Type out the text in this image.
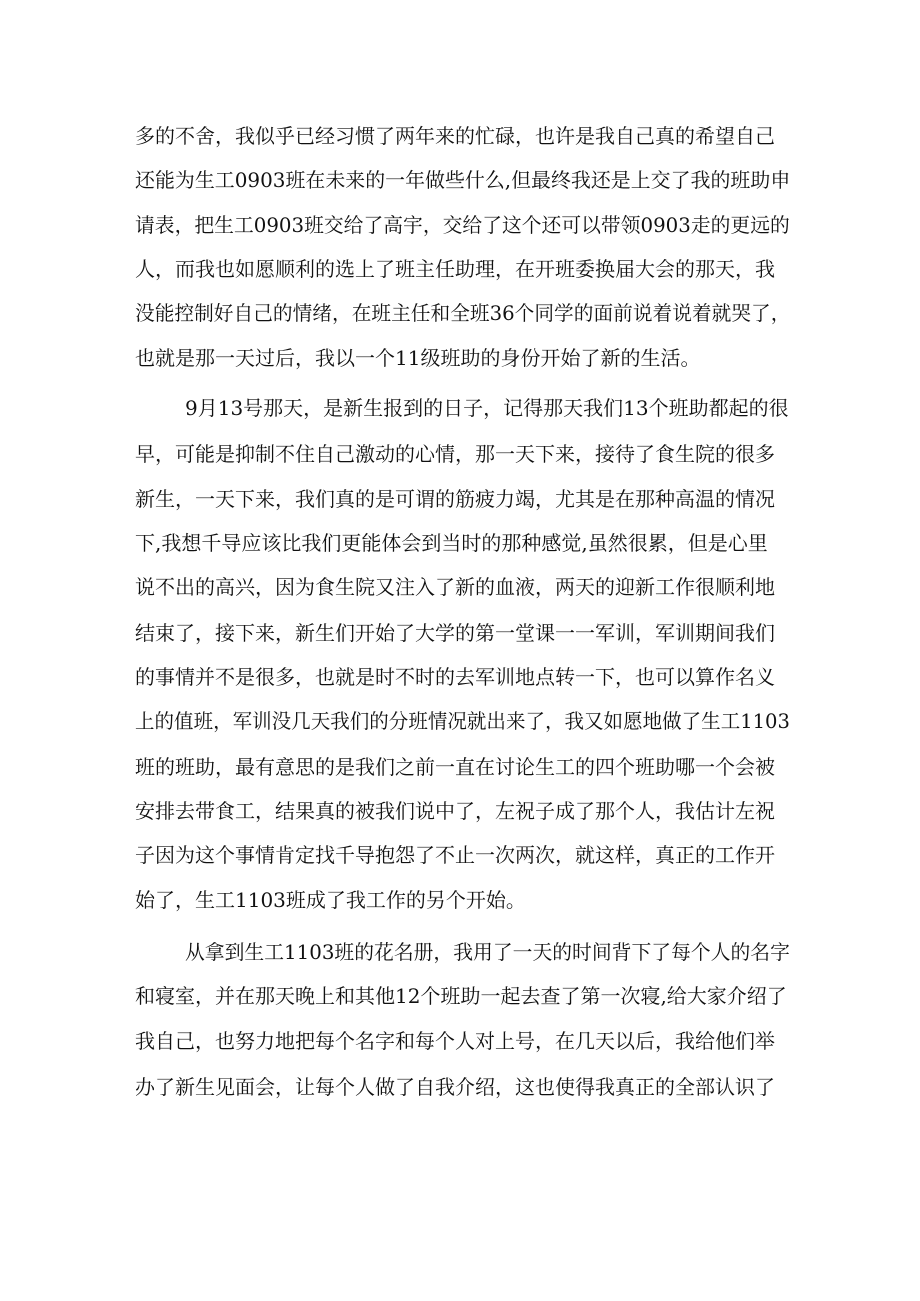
多的不舍，我似乎已经习惯了两年来的忙碌，也许是我自己真的希望自己
还能为生工0903班在未来的一年做些什么,但最终我还是上交了我的班助申
请表，把生工0903班交给了高宇，交给了这个还可以带领0903走的更远的
人，而我也如愿顺利的选上了班主任助理，在开班委换届大会的那天，我
没能控制好自己的情绪，在班主任和全班36个同学的面前说着说着就哭了，
也就是那一天过后，我以一个11级班助的身份开始了新的生活。
9月13号那天，是新生报到的日子，记得那天我们13个班助都起的很
早，可能是抑制不住自己激动的心情，那一天下来，接待了食生院的很多
新生，一天下来，我们真的是可谓的筋疲力竭，尤其是在那种高温的情况
下,我想千导应该比我们更能体会到当时的那种感觉,虽然很累，但是心里
说不出的高兴，因为食生院又注入了新的血液，两天的迎新工作很顺利地
结束了，接下来，新生们开始了大学的第一堂课一一军训，军训期间我们
的事情并不是很多，也就是时不时的去军训地点转一下，也可以算作名义
上的值班，军训没几天我们的分班情况就出来了，我又如愿地做了生工1103
班的班助，最有意思的是我们之前一直在讨论生工的四个班助哪一个会被
安排去带食工，结果真的被我们说中了，左祝子成了那个人，我估计左祝
子因为这个事情肯定找千导抱怨了不止一次两次，就这样，真正的工作开
始了，生工1103班成了我工作的另个开始。
从拿到生工1103班的花名册，我用了一天的时间背下了每个人的名字
和寝室，并在那天晚上和其他12个班助一起去查了第一次寝,给大家介绍了
我自己，也努力地把每个名字和每个人对上号，在几天以后，我给他们举
办了新生见面会，让每个人做了自我介绍，这也使得我真正的全部认识了
